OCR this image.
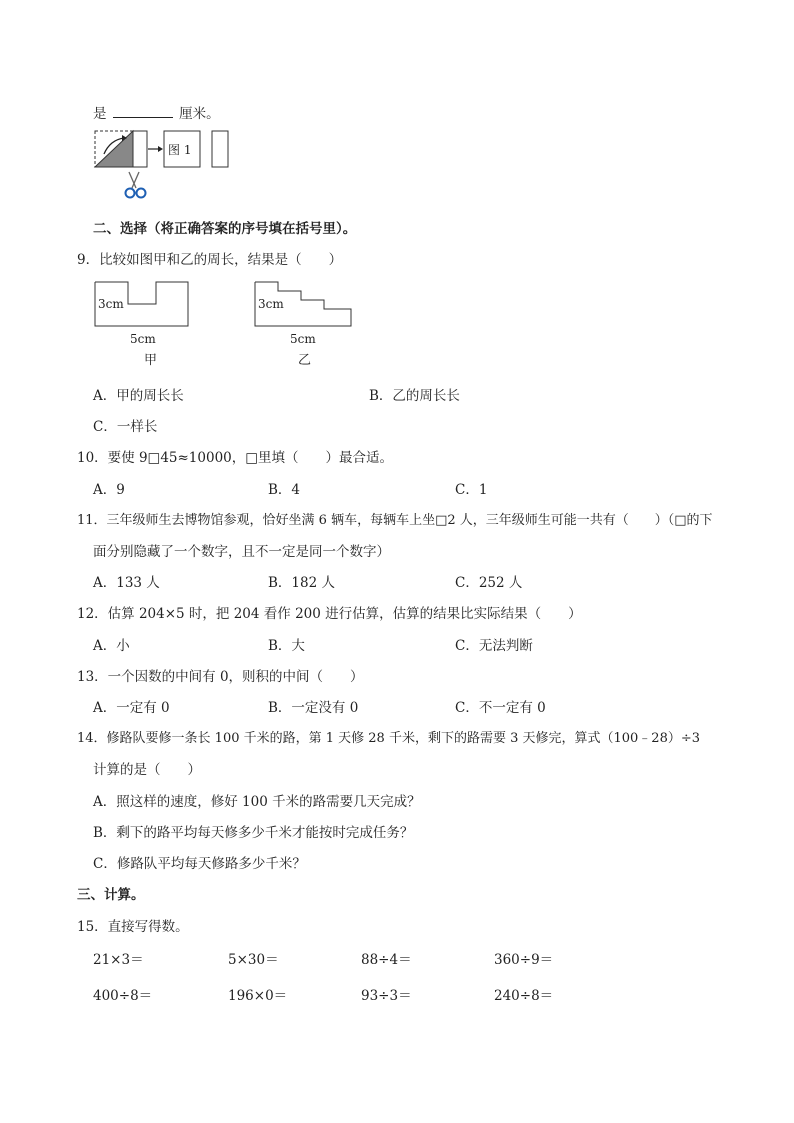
是	厘米。
图 1
二、选择（将正确答案的序号填在括号里）。
9．比较如图甲和乙的周长，结果是（　　）
3cm
5cm
甲
3cm
5cm
乙
A．甲的周长长	B．乙的周长长
C．一样长
10．要使 9□45≈10000，□里填（　　）最合适。
A．9	B．4	C．1
11．三年级师生去博物馆参观，恰好坐满 6 辆车，每辆车上坐□2 人，三年级师生可能一共有（　　）（□的下
面分别隐藏了一个数字，且不一定是同一个数字）
A．133 人	B．182 人	C．252 人
12．估算 204×5 时，把 204 看作 200 进行估算，估算的结果比实际结果（　　）
A．小	B．大	C．无法判断
13．一个因数的中间有 0，则积的中间（　　）
A．一定有 0	B．一定没有 0	C．不一定有 0
14．修路队要修一条长 100 千米的路，第 1 天修 28 千米，剩下的路需要 3 天修完，算式（100﹣28）÷3
计算的是（　　）
A．照这样的速度，修好 100 千米的路需要几天完成？
B．剩下的路平均每天修多少千米才能按时完成任务？
C．修路队平均每天修路多少千米？
三、计算。
15．直接写得数。
21×3＝	5×30＝	88÷4＝	360÷9＝
400÷8＝	196×0＝	93÷3＝	240÷8＝
